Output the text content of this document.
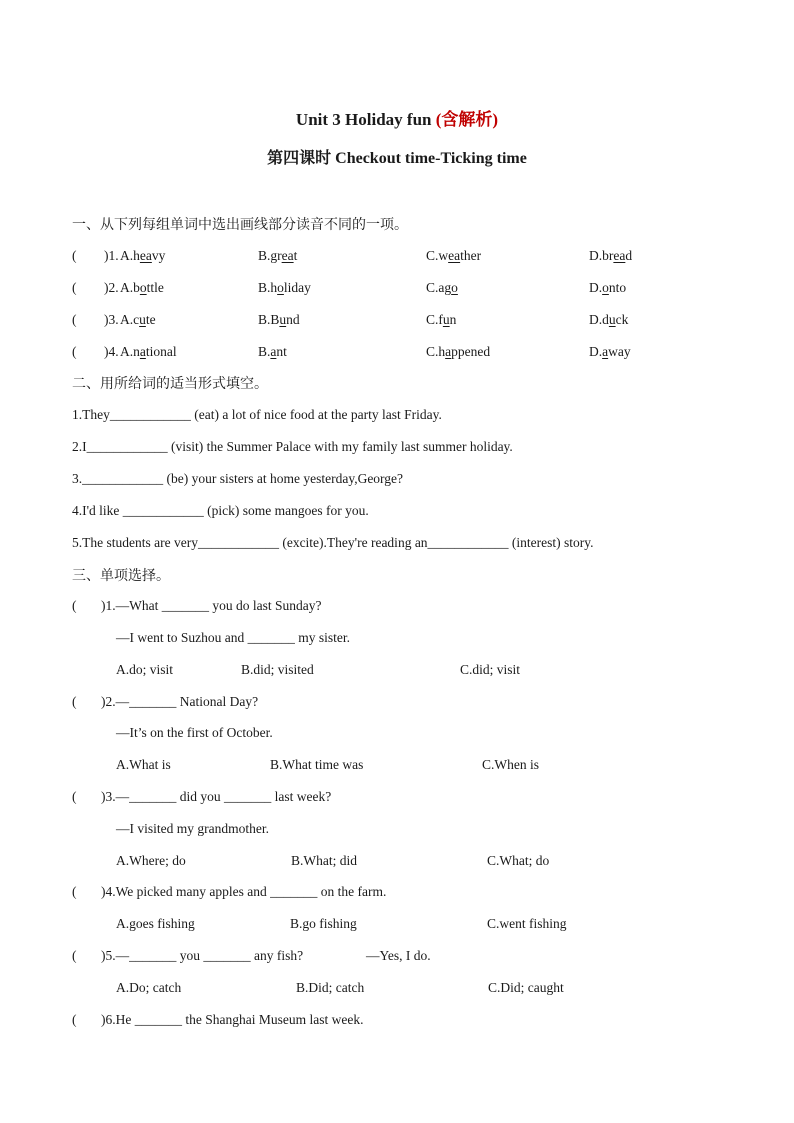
Unit 3 Holiday fun (含解析)
第四课时 Checkout time-Ticking time
一、从下列每组单词中选出画线部分读音不同的一项。
( )1. A.heavy	B.great	C.weather	D.bread
( )2. A.bottle	B.holiday	C.ago	D.onto
( )3. A.cute	B.Bund	C.fun	D.duck
( )4. A.national	B.ant	C.happened	D.away
二、用所给词的适当形式填空。
1.They____________ (eat) a lot of nice food at the party last Friday.
2.I____________ (visit) the Summer Palace with my family last summer holiday.
3.____________ (be) your sisters at home yesterday,George?
4.I'd like ____________ (pick) some mangoes for you.
5.The students are very____________ (excite).They're reading an____________ (interest) story.
三、单项选择。
( )1.—What _______ you do last Sunday?
—I went to Suzhou and _______ my sister.
A.do; visit	B.did; visited	C.did; visit
( )2.—_______ National Day?
—It’s on the first of October.
A.What is	B.What time was	C.When is
( )3.—_______ did you _______ last week?
—I visited my grandmother.
A.Where; do	B.What; did	C.What; do
( )4.We picked many apples and _______ on the farm.
A.goes fishing	B.go fishing	C.went fishing
( )5.—_______ you _______ any fish?	—Yes, I do.
A.Do; catch	B.Did; catch	C.Did; caught
( )6.He _______ the Shanghai Museum last week.
